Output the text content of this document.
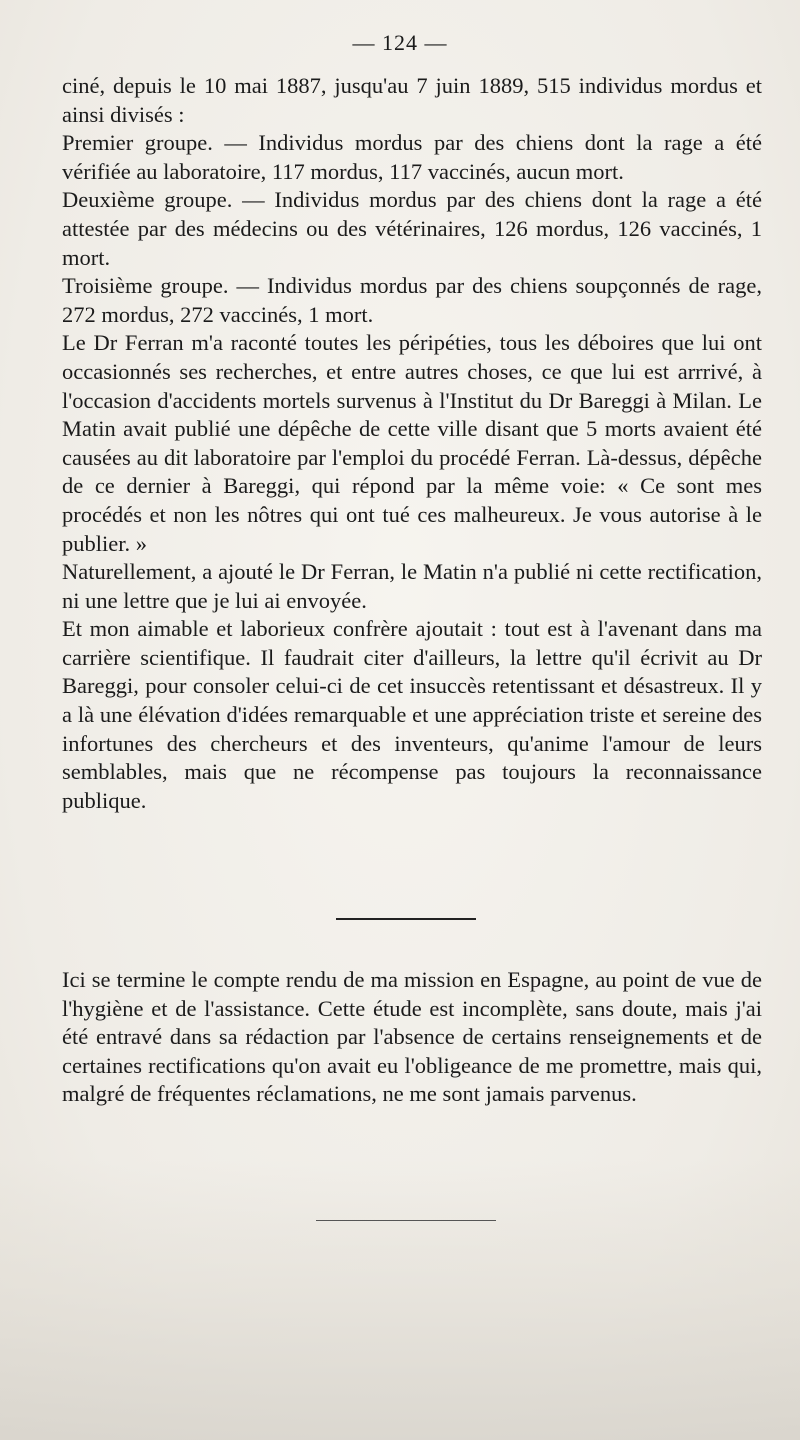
— 124 —

ciné, depuis le 10 mai 1887, jusqu'au 7 juin 1889, 515 individus mordus et ainsi divisés :

Premier groupe. — Individus mordus par des chiens dont la rage a été vérifiée au laboratoire, 117 mordus, 117 vaccinés, aucun mort.

Deuxième groupe. — Individus mordus par des chiens dont la rage a été attestée par des médecins ou des vétérinaires, 126 mordus, 126 vaccinés, 1 mort.

Troisième groupe. — Individus mordus par des chiens soupçonnés de rage, 272 mordus, 272 vaccinés, 1 mort.

Le Dr Ferran m'a raconté toutes les péripéties, tous les déboires que lui ont occasionnés ses recherches, et entre autres choses, ce que lui est arrrivé, à l'occasion d'accidents mortels survenus à l'Institut du Dr Bareggi à Milan. Le Matin avait publié une dépêche de cette ville disant que 5 morts avaient été causées au dit laboratoire par l'emploi du procédé Ferran. Là-dessus, dépêche de ce dernier à Bareggi, qui répond par la même voie: « Ce sont mes procédés et non les nôtres qui ont tué ces malheureux. Je vous autorise à le publier. »

Naturellement, a ajouté le Dr Ferran, le Matin n'a publié ni cette rectification, ni une lettre que je lui ai envoyée.

Et mon aimable et laborieux confrère ajoutait : tout est à l'avenant dans ma carrière scientifique. Il faudrait citer d'ailleurs, la lettre qu'il écrivit au Dr Bareggi, pour consoler celui-ci de cet insuccès retentissant et désastreux. Il y a là une élévation d'idées remarquable et une appréciation triste et sereine des infortunes des chercheurs et des inventeurs, qu'anime l'amour de leurs semblables, mais que ne récompense pas toujours la reconnaissance publique.

Ici se termine le compte rendu de ma mission en Espagne, au point de vue de l'hygiène et de l'assistance. Cette étude est incomplète, sans doute, mais j'ai été entravé dans sa rédaction par l'absence de certains renseignements et de certaines rectifications qu'on avait eu l'obligeance de me promettre, mais qui, malgré de fréquentes réclamations, ne me sont jamais parvenus.
